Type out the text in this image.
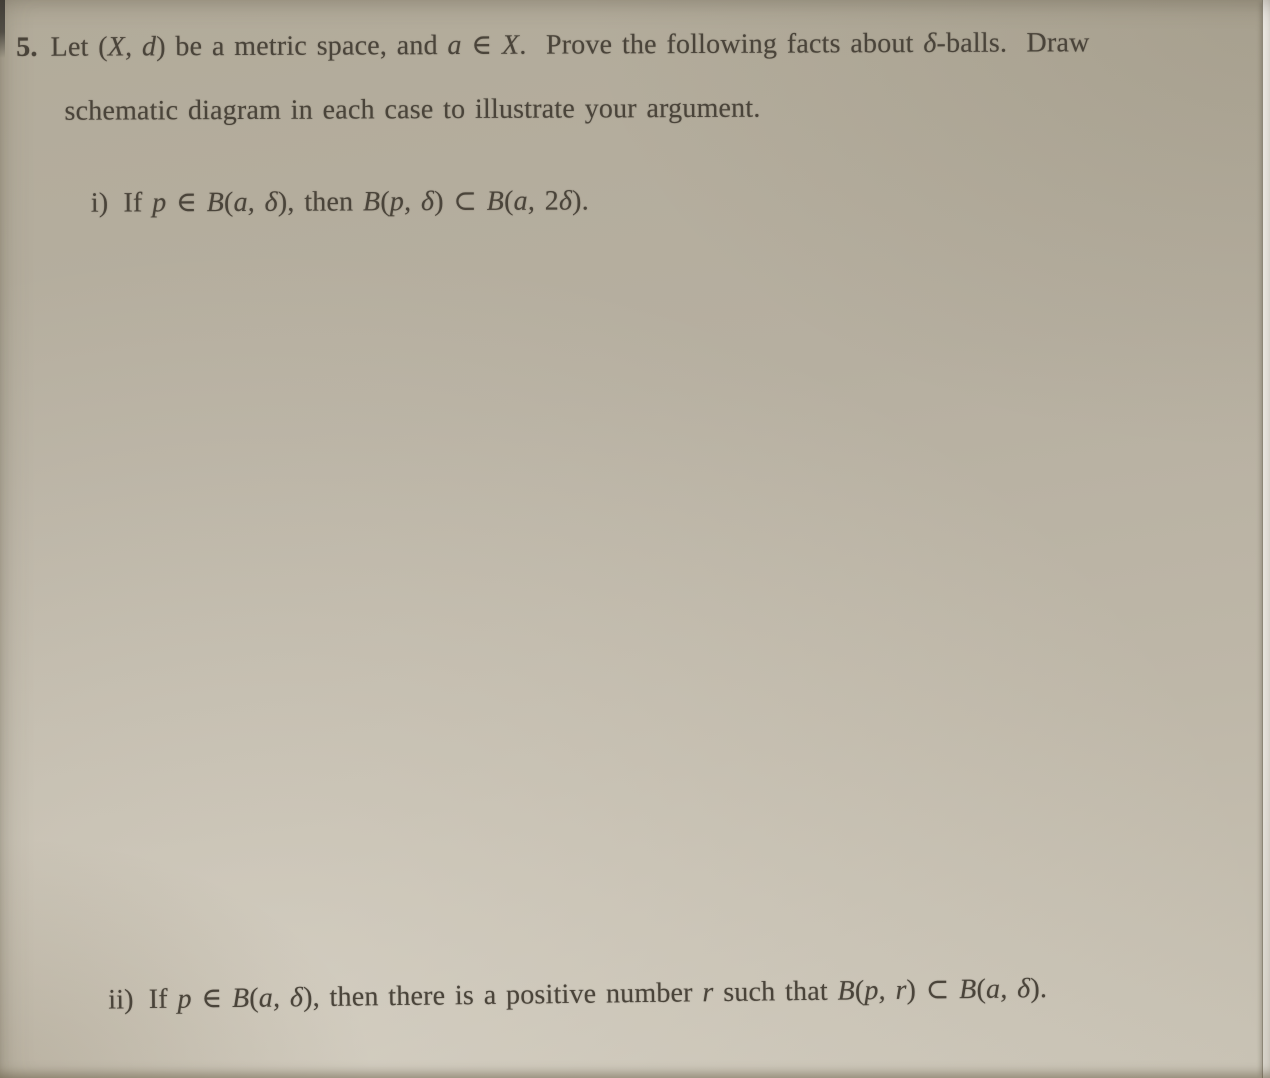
5. Let (X, d) be a metric space, and a ∈ X.  Prove the following facts about δ-balls.  Draw
schematic diagram in each case to illustrate your argument.
i) If p ∈ B(a, δ), then B(p, δ) ⊂ B(a, 2δ).
ii) If p ∈ B(a, δ), then there is a positive number r such that B(p, r) ⊂ B(a, δ).
